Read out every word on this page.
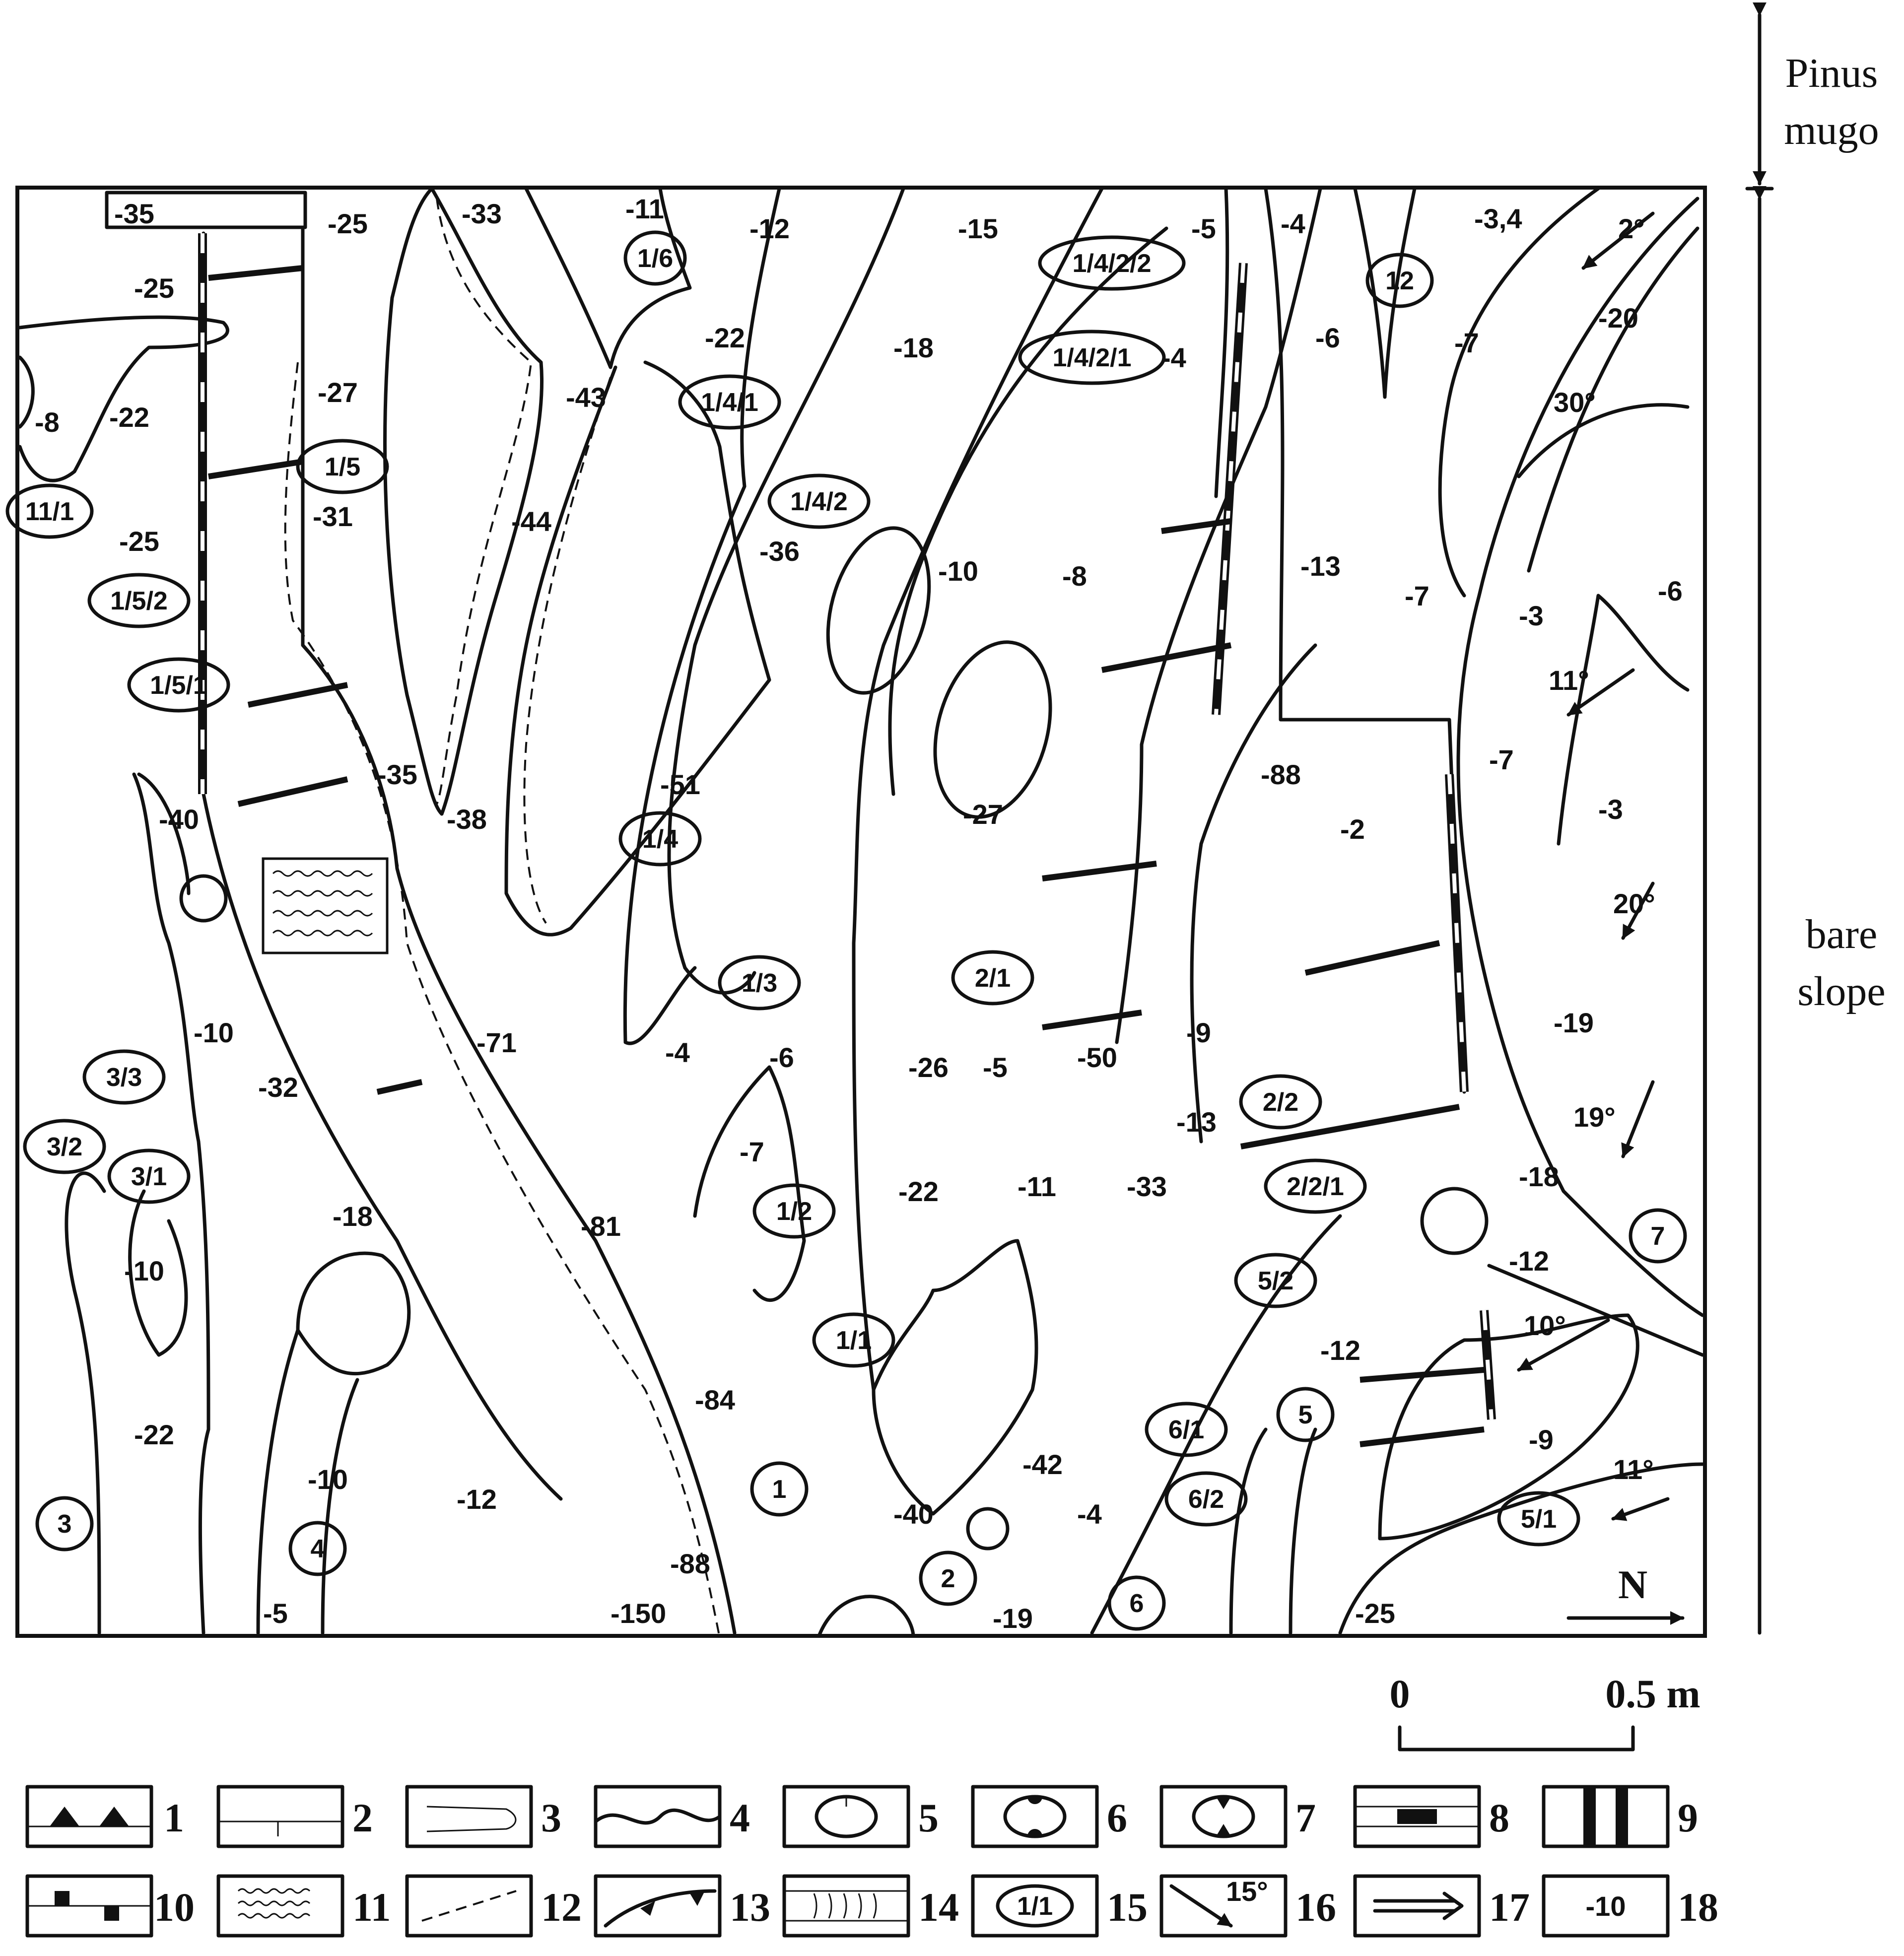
Pinus
mugo
bare
slope
-35	-25
-25
-8 -22
-25
-27
-31
-33
-43
-44
-35
-38
-11
-12
-22
-36
-51
-15
-18
-10	-8
-5 -4
-4
-6
-3,4
-7
-20
-13
-7
-3
-6
-7
-3
-27
-88
-2
-40
-10
-32
-18
-71
-81
-84
-4	-6
-7
-26
-22
-5
-11
-50
-9
-13
-33
-19
-18
-12
-12
-9
-10
-22
-10
-5
-12
-88
-150
-40
-42
-4
-19	-25
2°
30°
11°
20°
19°
10°
11°
1/6	1/4/2/2
1/4/2/1
12
1/4/1
1/4/2
1/5
11/1
1/5/2
1/5/1
1/4
1/3	2/1
1/2
1/1
2/2
2/2/1
3/3
3/2
3/1
3
4
1
2
6/1
6/2
6
5
5/2
5/1
7
N
0	0.5 m
1	2	3	4	5	6	7	8	9
10	11	12	13	14 1/1 15	15° 16	17 -10 18
